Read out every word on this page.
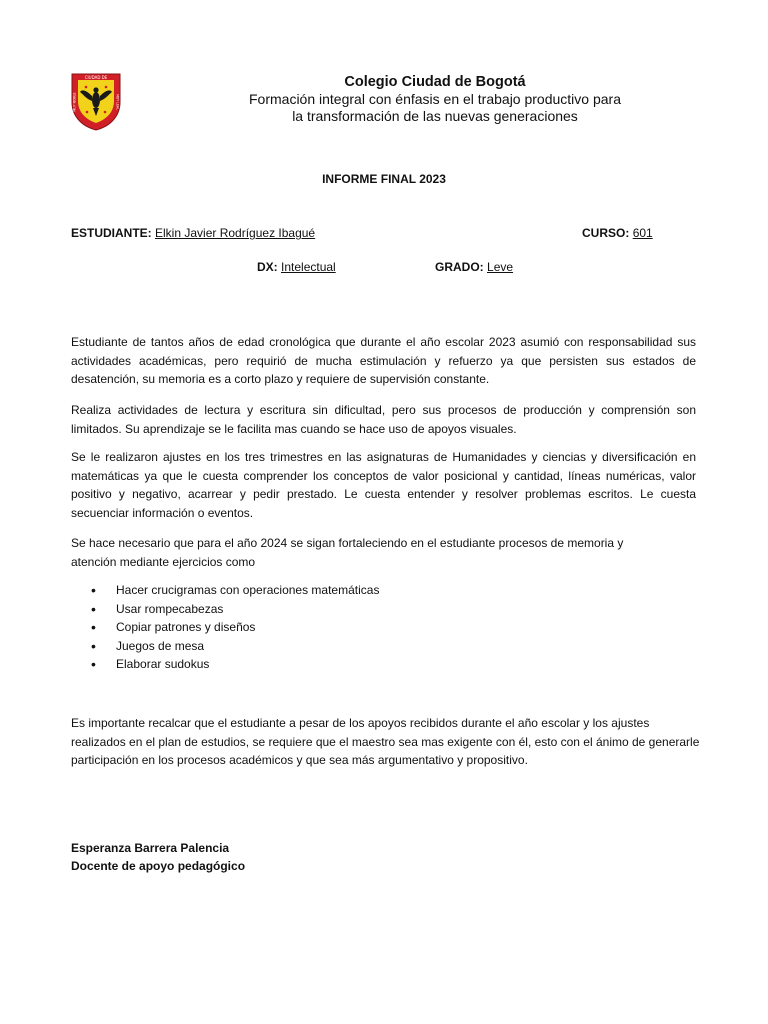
CIUDAD DE
MUY NOBLE	MUY LEAL
Colegio Ciudad de Bogotá
Formación integral con énfasis en el trabajo productivo para
la transformación de las nuevas generaciones
INFORME FINAL 2023
ESTUDIANTE: Elkin Javier Rodríguez Ibagué	CURSO: 601
DX: Intelectual	GRADO: Leve

Estudiante de tantos años de edad cronológica que durante el año escolar 2023 asumió con responsabilidad sus actividades académicas, pero requirió de mucha estimulación y refuerzo ya que persisten sus estados de desatención, su memoria es a corto plazo y requiere de supervisión constante.

Realiza actividades de lectura y escritura sin dificultad, pero sus procesos de producción y comprensión son limitados. Su aprendizaje se le facilita mas cuando se hace uso de apoyos visuales.

Se le realizaron ajustes en los tres trimestres en las asignaturas de Humanidades y ciencias y diversificación en matemáticas ya que le cuesta comprender los conceptos de valor posicional y cantidad, líneas numéricas, valor positivo y negativo, acarrear y pedir prestado. Le cuesta entender y resolver problemas escritos. Le cuesta secuenciar información o eventos.

Se hace necesario que para el año 2024 se sigan fortaleciendo en el estudiante procesos de memoria y atención mediante ejercicios como

• Hacer crucigramas con operaciones matemáticas
• Usar rompecabezas
• Copiar patrones y diseños
• Juegos de mesa
• Elaborar sudokus

Es importante recalcar que el estudiante a pesar de los apoyos recibidos durante el año escolar y los ajustes realizados en el plan de estudios, se requiere que el maestro sea mas exigente con él, esto con el ánimo de generarle participación en los procesos académicos y que sea más argumentativo y propositivo.

Esperanza Barrera Palencia
Docente de apoyo pedagógico
